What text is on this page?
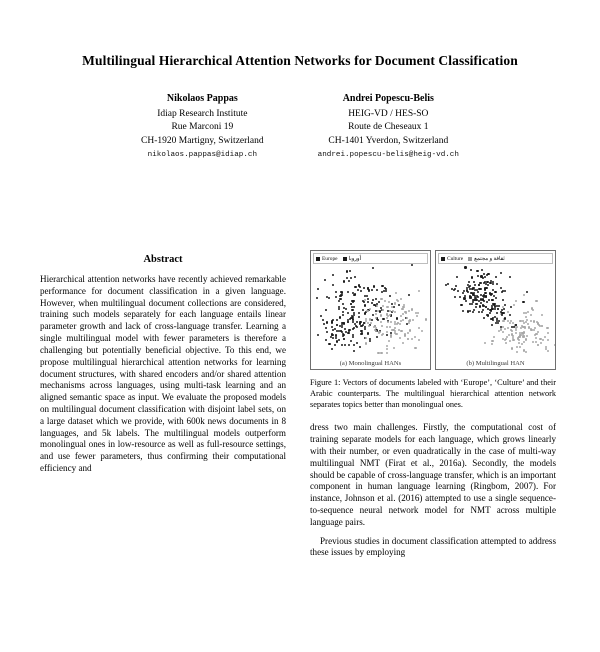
Multilingual Hierarchical Attention Networks for Document Classification
Nikolaos Pappas
Idiap Research Institute
Rue Marconi 19
CH-1920 Martigny, Switzerland
nikolaos.pappas@idiap.ch
Andrei Popescu-Belis
HEIG-VD / HES-SO
Route de Cheseaux 1
CH-1401 Yverdon, Switzerland
andrei.popescu-belis@heig-vd.ch
Abstract

Hierarchical attention networks have recently achieved remarkable performance for document classification in a given language. However, when multilingual document collections are considered, training such models separately for each language entails linear parameter growth and lack of cross-language transfer. Learning a single multilingual model with fewer parameters is therefore a challenging but potentially beneficial objective. To this end, we propose multilingual hierarchical attention networks for learning document structures, with shared encoders and/or shared attention mechanisms across languages, using multi-task learning and an aligned semantic space as input. We evaluate the proposed models on multilingual document classification with disjoint label sets, on a large dataset which we provide, with 600k news documents in 8 languages, and 5k labels. The multilingual models outperform monolingual ones in low-resource as well as full-resource settings, and use fewer parameters, thus confirming their computational efficiency and

Europe أوروبا
(a) Monolingual HANs
Culture ثقافة و مجتمع
(b) Multilingual HAN
Figure 1: Vectors of documents labeled with ‘Europe’, ‘Culture’ and their Arabic counterparts. The multilingual hierarchical attention network separates topics better than monolingual ones.

dress two main challenges. Firstly, the computational cost of training separate models for each language, which grows linearly with their number, or even quadratically in the case of multi-way multilingual NMT (Firat et al., 2016a). Secondly, the models should be capable of cross-language transfer, which is an important component in human language learning (Ringbom, 2007). For instance, Johnson et al. (2016) attempted to use a single sequence-to-sequence neural network model for NMT across multiple language pairs.

Previous studies in document classification attempted to address these issues by employing
